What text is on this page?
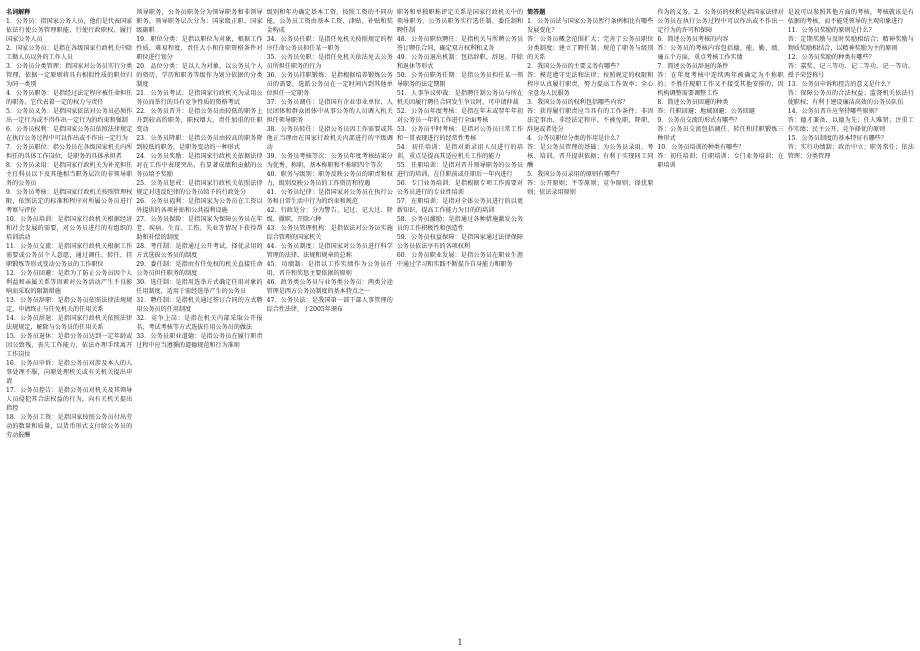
名词解释

1．公务员：指国家公务人员，他们是代表国家依法行使公务管理职能，行使行政职权、履行国家公务人员

2．国家公务员：是指在各级国家行政机关中除工勤人员以外的工作人员

3．公务员分类管理：指国家对公务员实行分类管理，依据一定原则将具有相似性质的职位归为同一类别

4．公务员职务：是指经过法定程序被任命担任的职务，它代表着一定的权力与责任

5．公务员义务：是指国家依法对公务员必须作出一定行为或不得作出一定行为的约束和强制

6．公务员权利：是指国家公务员依照法律规定在执行公务过程中可以作出或不作出一定行为

7．公务员职位：指公务员在各级国家机关内所担任的具体工作岗位，是职务的具体承担者

8．公务员录用：是指国家行政机关为补充担任主任科员以下及其他相当职务层次的非领导职务的公务员

9．公务员考核：是指国家行政机关按照管理权限，依照法定的标准和程序对所属公务员进行考察与评价

10．公务员培训：是指国家行政机关根据经济和社会发展的需要，对公务员进行的有组织的培训活动

11．公务员交流：是指国家行政机关根据工作需要或公务员个人意愿，通过调任、转任、挂职锻炼等形式变动公务员的工作职位

12．公务员回避：是指为了防止公务员因个人利益和亲属关系等因素对公务活动产生不良影响而采取的限制措施

13．公务员辞职：是指公务员依照法律法规规定，申请终止与任免机关的任用关系

14．公务员辞退：是指国家行政机关依照法律法规规定，解除与公务员的任用关系

15．公务员退休：是指公务员达到一定年龄或因公致残、丧失工作能力，依法办理手续离开工作岗位

16．公务员申诉：是指公务员对涉及本人的人事处理不服，向原处理机关或有关机关提出申请

17．公务员控告：是指公务员对机关及其领导人员侵犯其合法权益的行为，向有关机关提出指控

18．公务员工资：是指国家按照公务员付出劳动的数量和质量，以货币形式支付给公务员的劳动报酬

领导职务，公务员职务分为领导职务和非领导职务。领导职务层次分为：国家级正职、国家级副职

19．职位分类：是指以职位为对象，根据工作性质、难易程度、责任大小和任职资格条件对职位进行划分

20．品位分类：是以人为对象，以公务员个人的资历、学历和职务等级作为划分依据的分类制度

21．公务员考试：是指国家行政机关为录用公务员而举行的具有竞争性质的资格考试

22．公务员晋升：是指公务员由较低的职务上升到较高的职务，职权增大、责任加重的任职变动

23．公务员降职：是指公务员由较高的职务降到较低的职务，是职务变动的一种形式

24．公务员奖励：是指国家行政机关依据法律对在工作中表现突出、有显著成绩和贡献的公务员给予奖励

25．公务员惩戒：是指国家行政机关依照法律规定对违反纪律的公务员给予的行政处分

26．公务员福利：是指国家为公务员在工资以外提供的各项补贴和公共福利设施

27．公务员保险：是指国家为保障公务员在年老、疾病、生育、工伤、失业等情况下获得帮助和补偿的制度

28．考任制：是指通过公开考试、择优录用的方式选拔公务员的制度

29．委任制：是指由有任免权的机关直接任命公务员担任职务的制度

30．选任制：是指用选举方式确定任用对象的任用制度，适用于需经选举产生的公务员

31．聘任制：是指机关通过签订合同的方式聘用公务员的任用制度

32．竞争上岗：是指在机关内部采取公开报名、考试考核等方式选拔任用公务员的做法

33．公务员职业道德：是指公务员在履行职责过程中应当遵循的道德规范和行为准则

级别和年功确定基本工资，按照工资的不同功能，公务员工资由基本工资、津贴、补贴和奖金构成

34．公务员任职：是指任免机关按照规定的程序任命公务员担任某一职务

35．公务员免职：是指任免机关依法免去公务员所担任职务的行为

36．公务员挂职锻炼：是指根据培养锻炼公务员的需要，选派公务员在一定时间内到其他单位担任一定职务

37．公务员调任：是指国有企业事业单位、人民团体和群众团体中从事公务的人员调入机关担任领导职务

38．公务员转任：是指公务员因工作需要或其他正当理由在国家行政机关内部进行的平级调动

39．公务员考核等次：公务员年度考核结果分为优秀、称职、基本称职和不称职四个等次

40．职务与级别：职务反映公务员的职责和权力，级别反映公务员的工作资历和待遇

41．公务员纪律：是指国家对公务员在执行公务和日常生活中行为的约束和规范

42．行政处分：分为警告、记过、记大过、降级、撤职、开除六种

43．公务员管理机构：是指依法对公务员实施综合管理的国家机关

44．公务员制度：是指国家对公务员进行科学管理的法律、法规和规章的总称

45．功绩制：是指以工作实绩作为公务员任用、晋升和奖惩主要依据的原则

46．政务类公务员与业务类公务员：两类分途管理是西方公务员制度的基本特点之一

47．公务员法：是我国第一部干部人事管理的综合性法律，于2005年颁布

职务和单独职称评定关系是国家行政机关中的领导职务，公务员职务实行选任制、委任制和聘任制

48．公务员职位聘任：是指机关与所聘公务员签订聘任合同，确定双方权利和义务

49．公务员退出机制：包括辞职、辞退、开除和退休等形式

50．公务员职务任期：是指公务员担任某一领导职务的法定期限

51．人事争议仲裁：是指聘任制公务员与所在机关因履行聘任合同发生争议时，可申请仲裁

52．公务员年度考核：是指在年末或翌年年初对公务员一年的工作进行全面考核

53．公务员平时考核：是指对公务员日常工作和一贯表现进行的经常性考核

54．初任培训：是指对新录用人员进行的培训，重点是提高其适应机关工作的能力

55．任职培训：是指对晋升领导职务的公务员进行的培训，在任职前或任职后一年内进行

56．专门业务培训：是指根据专项工作需要对公务员进行的专业性培训

57．在职培训：是指对全体公务员进行的以更新知识、提高工作能力为目的的培训

58．公务员激励：是指通过各种措施激发公务员的工作积极性和创造性

59．公务员权益保障：是指国家通过法律保障公务员依法享有的各项权利

60．公务员职业发展：是指公务员在职业生涯中通过学习和实践不断提升自身能力和职务

简答题

1．公务员法与国家公务员暂行条例相比有哪些发展变化？

答：公务员概念范围扩大；完善了公务员职位分类制度；建立了聘任制；规范了职务与级别的关系

2．我国公务员的主要义务有哪些？

答：模范遵守宪法和法律；按照规定的权限和程序认真履行职责，努力提高工作效率；全心全意为人民服务

3．我国公务员的权利包括哪些内容？

答：获得履行职责应当具有的工作条件；非因法定事由、非经法定程序，不被免职、降职、辞退或者处分

4．公务员职位分类的作用是什么？

答：是公务员管理的基础；为公务员录用、考核、培训、晋升提供依据；有利于实现同工同酬

5．我国公务员录用的原则有哪些？

答：公开原则；平等原则；竞争原则；择优原则；依法录用原则

作为的义务。2．公务员的权利是指国家法律对公务员在执行公务过程中可以作出或不作出一定行为的许可和保障

6．简述公务员考核的内容

答：公务员的考核内容包括德、能、勤、绩、廉五个方面，重点考核工作实绩

7．简述公务员辞退的条件

答：在年度考核中连续两年被确定为不称职的；不胜任现职工作又不接受其他安排的；因机构调整需要调整工作

8．简述公务员回避的种类

答：任职回避；地域回避；公务回避

9．公务员交流的形式有哪些？

答：公务员交流包括调任、转任和挂职锻炼三种形式

10．公务员培训的种类有哪些？

答：初任培训；任职培训；专门业务培训；在职培训

是说可以参照其他方面的考核，考核就该是有依据的考核，而不能凭领导的主观印象进行

11．公务员奖励的原则是什么？

答：定期奖励与及时奖励相结合；精神奖励与物质奖励相结合，以精神奖励为主的原则

12．公务员奖励的种类有哪些？

答：嘉奖、记三等功、记二等功、记一等功、授予荣誉称号

13．公务员申诉和控告的意义是什么？

答：保障公务员的合法权益；监督机关依法行使职权；有利于建设廉洁高效的公务员队伍

14．公务员晋升应坚持哪些原则？

答：德才兼备、以德为先；任人唯贤；注重工作实绩；民主公开、竞争择优的原则

15．公务员制度的基本特征有哪些？

答：实行功绩制；政治中立；职务常任；依法管理；分类管理

1
